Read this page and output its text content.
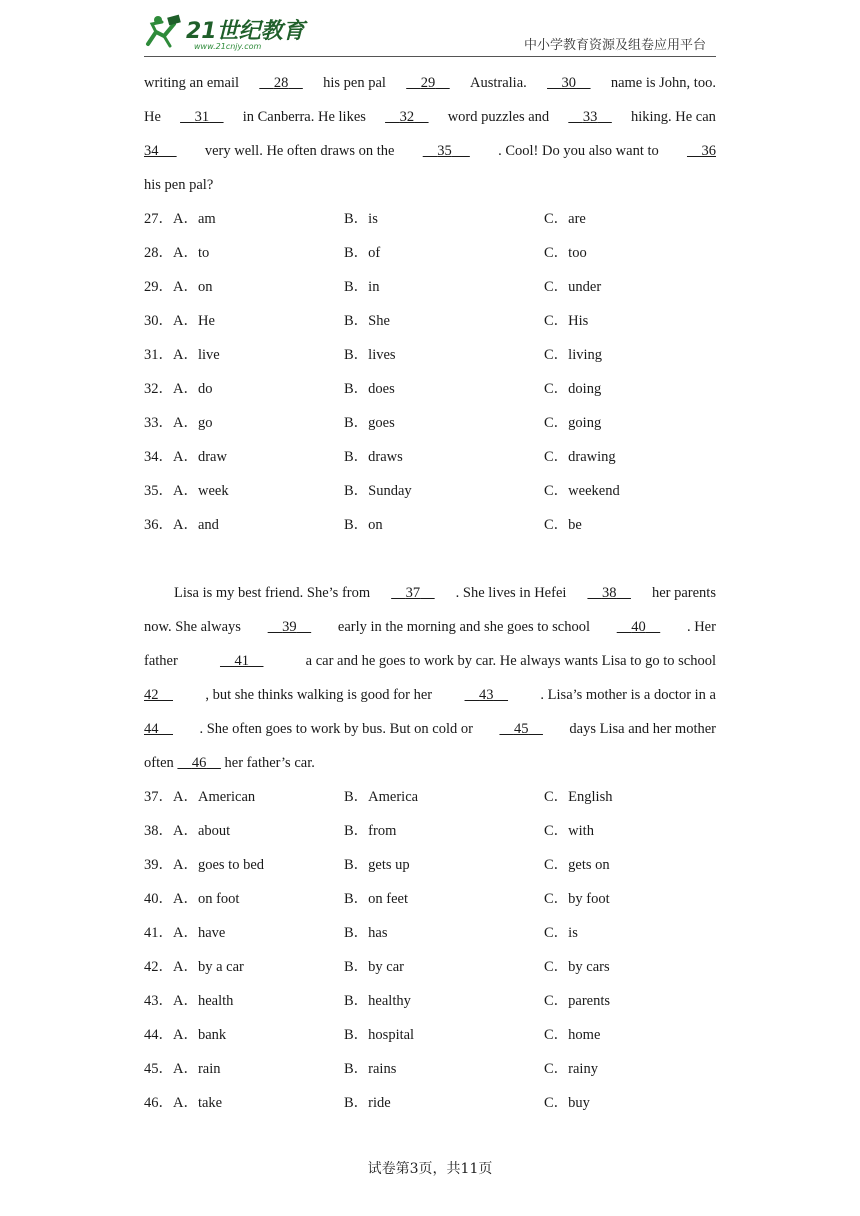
21世纪教育
www.21cnjy.com	中小学教育资源及组卷应用平台
writing an email	28	his pen pal	29	Australia.	30	name is John, too.
He	31	in Canberra. He likes	32	word puzzles and	33	hiking. He can
34	very well. He often draws on the	35	. Cool! Do you also want to	36
his pen pal?
27．A．am	B．is	C．are
28．A．to	B．of	C．too
29．A．on	B．in	C．under
30．A．He	B．She	C．His
31．A．live	B．lives	C．living
32．A．do	B．does	C．doing
33．A．go	B．goes	C．going
34．A．draw	B．draws	C．drawing
35．A．week	B．Sunday	C．weekend
36．A．and	B．on	C．be
Lisa is my best friend. She’s from	37	. She lives in Hefei	38	her parents
now. She always	39	early in the morning and she goes to school	40	. Her
father	41	a car and he goes to work by car. He always wants Lisa to go to school
42	, but she thinks walking is good for her	43	. Lisa’s mother is a doctor in a
44	. She often goes to work by bus. But on cold or	45	days Lisa and her mother
often 46 her father’s car.
37．A．American	B．America	C．English
38．A．about	B．from	C．with
39．A．goes to bed	B．gets up	C．gets on
40．A．on foot	B．on feet	C．by foot
41．A．have	B．has	C．is
42．A．by a car	B．by car	C．by cars
43．A．health	B．healthy	C．parents
44．A．bank	B．hospital	C．home
45．A．rain	B．rains	C．rainy
46．A．take	B．ride	C．buy
试卷第3页，共11页
